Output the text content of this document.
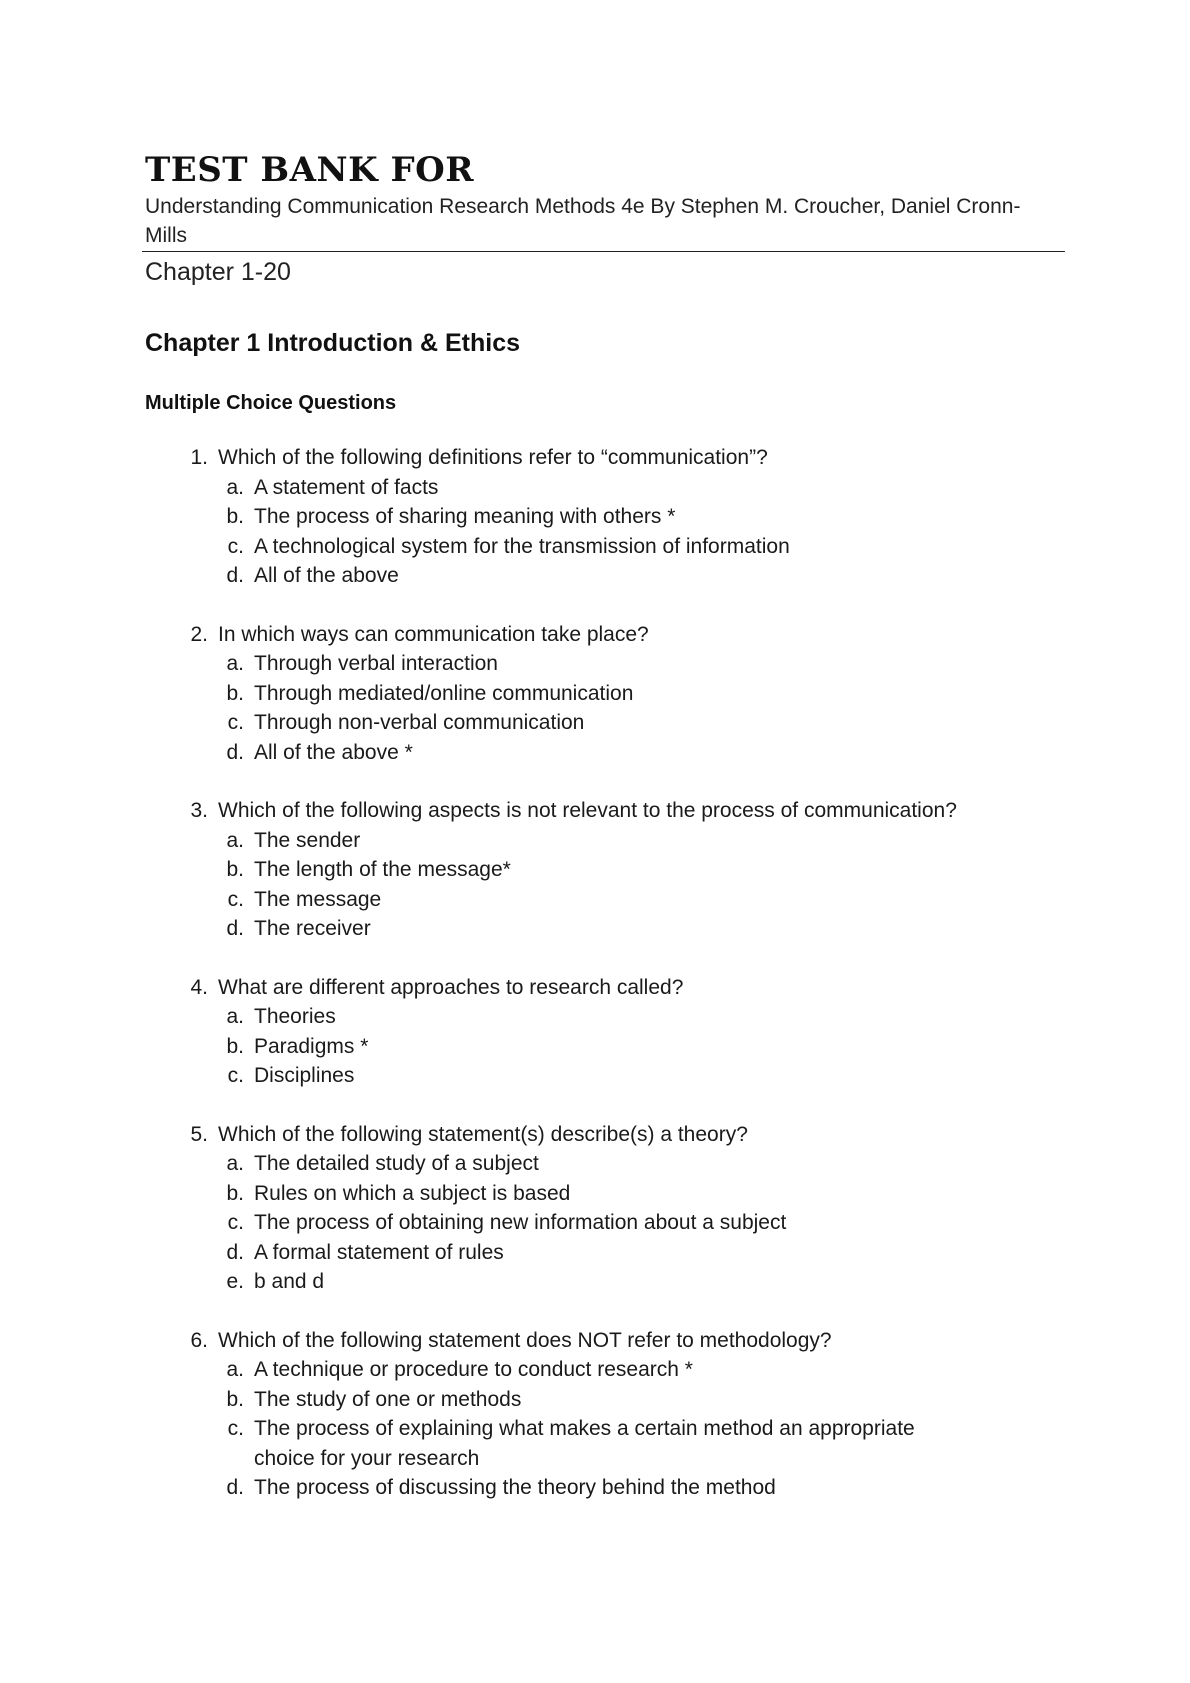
TEST BANK FOR

Understanding Communication Research Methods 4e By Stephen M. Croucher, Daniel Cronn-Mills

Chapter 1-20

Chapter 1 Introduction & Ethics
Multiple Choice Questions
1. Which of the following definitions refer to “communication”?
a. A statement of facts
b. The process of sharing meaning with others *
c. A technological system for the transmission of information
d. All of the above
2. In which ways can communication take place?
a. Through verbal interaction
b. Through mediated/online communication
c. Through non-verbal communication
d. All of the above *
3. Which of the following aspects is not relevant to the process of communication?
a. The sender
b. The length of the message*
c. The message
d. The receiver
4. What are different approaches to research called?
a. Theories
b. Paradigms *
c. Disciplines
5. Which of the following statement(s) describe(s) a theory?
a. The detailed study of a subject
b. Rules on which a subject is based
c. The process of obtaining new information about a subject
d. A formal statement of rules
e. b and d
6. Which of the following statement does NOT refer to methodology?
a. A technique or procedure to conduct research *
b. The study of one or methods
c. The process of explaining what makes a certain method an appropriate choice for your research
d. The process of discussing the theory behind the method
